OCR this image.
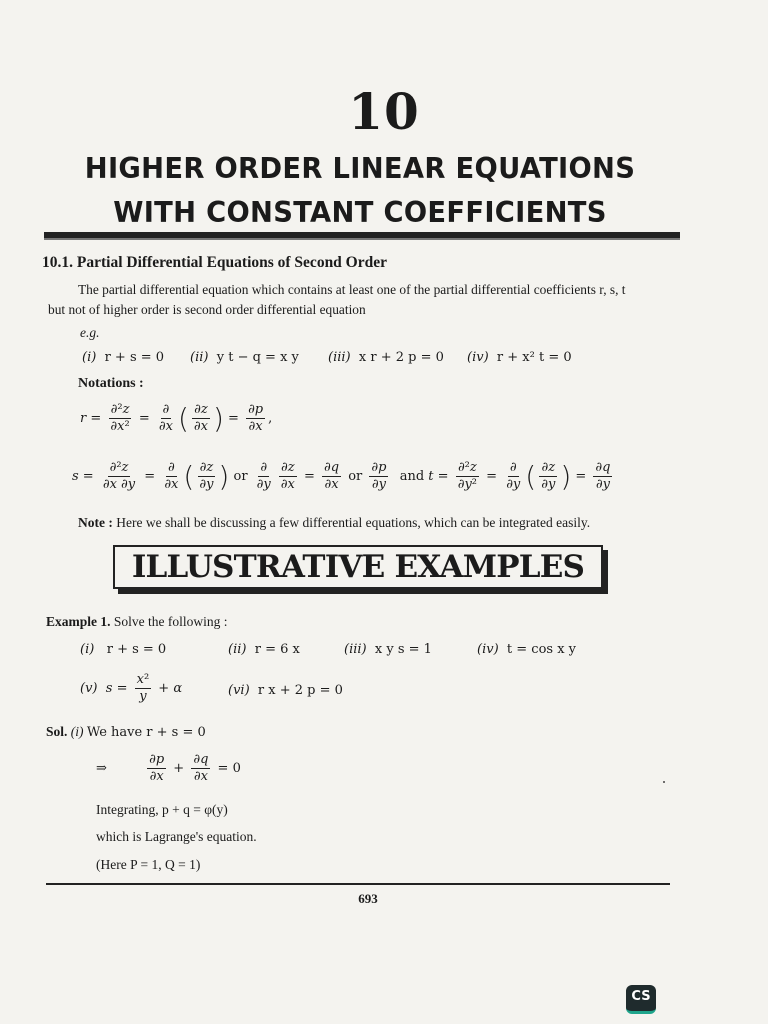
10
HIGHER ORDER LINEAR EQUATIONS
WITH CONSTANT COEFFICIENTS
10.1. Partial Differential Equations of Second Order
The partial differential equation which contains at least one of the partial differential coefficients r, s, t
but not of higher order is second order differential equation
e.g.
(i) r + s = 0 (ii) y t − q = x y (iii) x r + 2 p = 0 (iv) r + x² t = 0
Notations :
$r = \frac{\text{∂²z}}{\text{∂x²}} = \frac{\partial}{\partial x}$ ( $\frac{\partial z}{\partial x}$ ) = $\frac{\partial p}{\partial x}$ ,
$s = \frac{\text{∂²z}}{\partial x \partial y} = \frac{\partial}{\partial x}$ ( $\frac{\partial z}{\partial y}$ ) or $\frac{\partial}{\partial y} \frac{\partial z}{\partial x} = \frac{\partial q}{\partial x}$ or $\frac{\partial p}{\partial y}$ and $t = \frac{\text{∂²z}}{\text{∂y²}} = \frac{\partial}{\partial y}$ ( $\frac{\partial z}{\partial y}$ ) = $\frac{\partial q}{\partial y}$
Note : Here we shall be discussing a few differential equations, which can be integrated easily.
ILLUSTRATIVE EXAMPLES
Example 1. Solve the following :
(i) r + s = 0	(ii) r = 6 x	(iii) x y s = 1	(iv) t = cos x y
(v)
$s = \frac{\text{x²}}{y} + \alpha$	(vi) r x + 2 p = 0
Sol. (i) We have r + s = 0
⇒
	$\frac{\partial p}{\partial x} + \frac{\partial q}{\partial x} = 0$
Integrating, p + q = φ(y)
which is Lagrange's equation.
(Here P = 1, Q = 1)
693
CS
